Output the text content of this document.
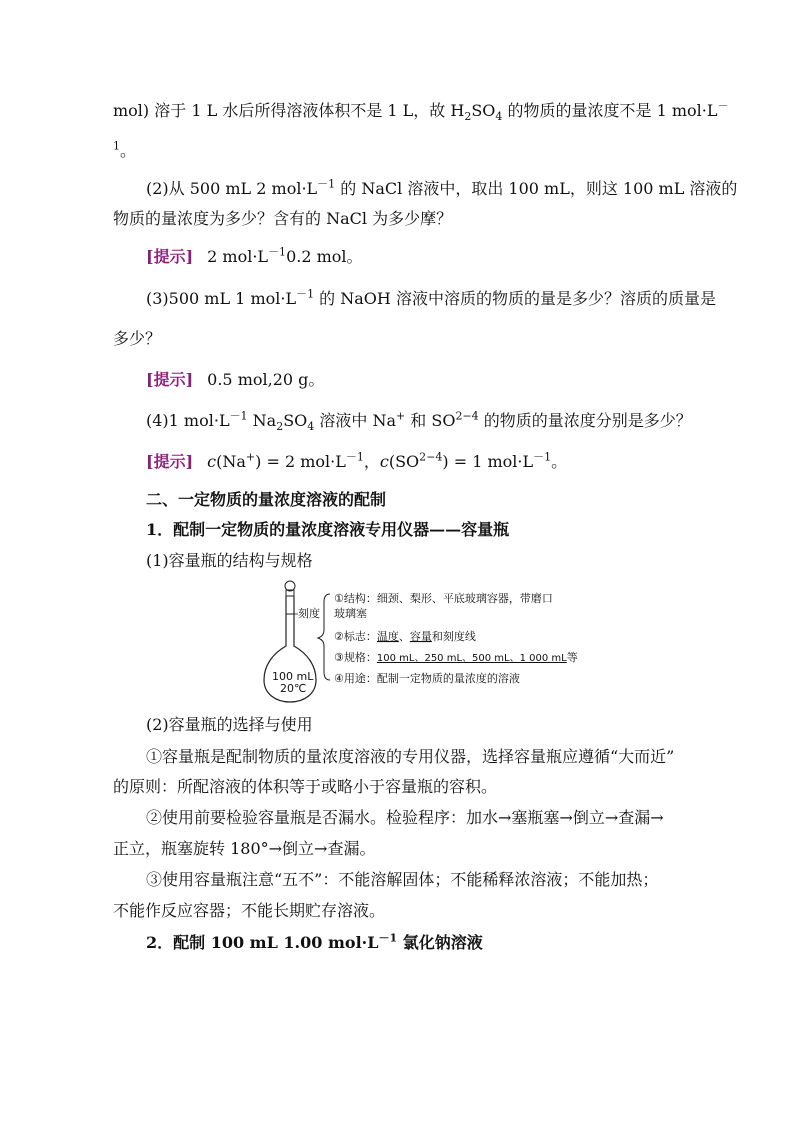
mol) 溶于 1 L 水后所得溶液体积不是 1 L，故 $H_2SO_4$ 的物质的量浓度不是 1 mol·L－
$^1$。
(2)从 500 mL 2 $mol\cdot L^{-1}$ 的 NaCl 溶液中，取出 100 mL，则这 100 mL 溶液的
物质的量浓度为多少？含有的 NaCl 为多少摩？
[提示] 2 $mol\cdot L^{-1}0.2$ mol。
(3)500 mL 1 $mol\cdot L^{-1}$ 的 NaOH 溶液中溶质的物质的量是多少？溶质的质量是
多少？
[提示] 0.5 mol,20 g。
(4)1 $mol\cdot L^{-1}$ $Na_2SO_4$ 溶液中 Na+ 和 $SO^{2-4}$ 的物质的量浓度分别是多少？
[提示] c(Na+) = 2 $mol\cdot L^{-1}$，$c(SO^{2-4}) = 1$ $mol\cdot L^{-1}$。
二、一定物质的量浓度溶液的配制
1．配制一定物质的量浓度溶液专用仪器——容量瓶
(1)容量瓶的结构与规格
刻度
100 mL
20℃
①结构：细颈、梨形、平底玻璃容器，带磨口
玻璃塞
②标志：温度、容量和刻度线
③规格：100 mL、250 mL、500 mL、1 000 mL等
④用途：配制一定物质的量浓度的溶液
(2)容量瓶的选择与使用
①容量瓶是配制物质的量浓度溶液的专用仪器，选择容量瓶应遵循“大而近”
的原则：所配溶液的体积等于或略小于容量瓶的容积。
②使用前要检验容量瓶是否漏水。检验程序：加水→塞瓶塞→倒立→查漏→
正立，瓶塞旋转 180°→倒立→查漏。
③使用容量瓶注意“五不”：不能溶解固体；不能稀释浓溶液；不能加热；
不能作反应容器；不能长期贮存溶液。
2．配制 100 mL 1.00 $mol\cdot L^{-1}$ 氯化钠溶液
